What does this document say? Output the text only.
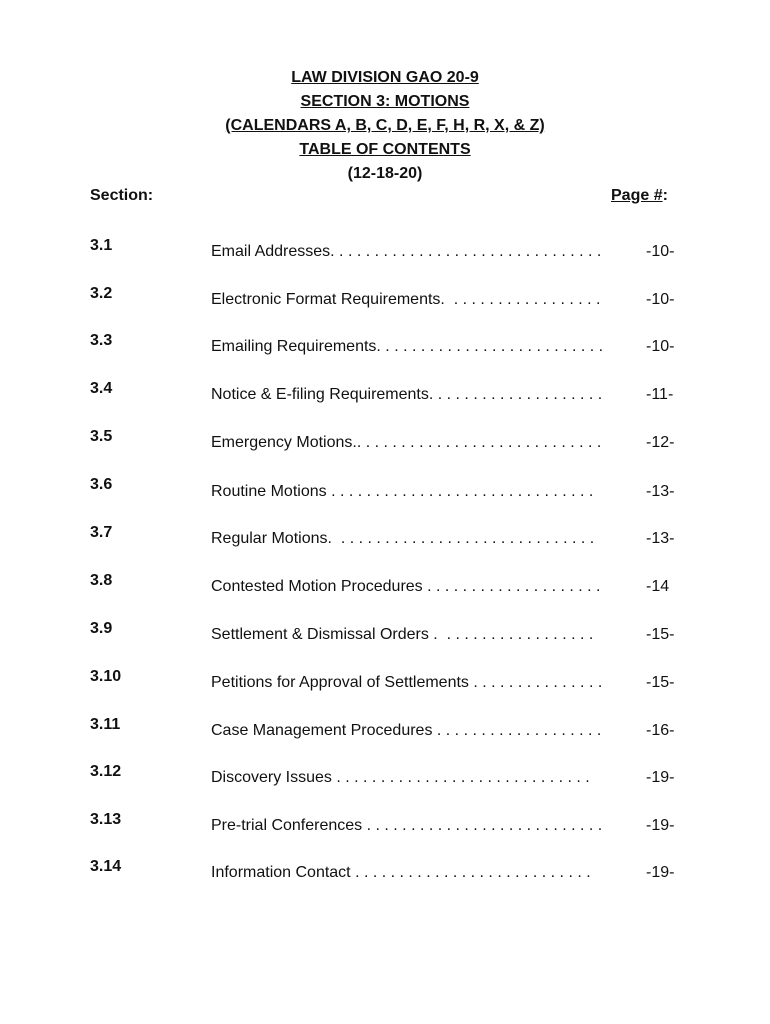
LAW DIVISION GAO 20-9
SECTION 3: MOTIONS
(CALENDARS A, B, C, D, E, F, H, R, X, & Z)
TABLE OF CONTENTS
(12-18-20)
Section:	Page #:
3.1	Email Addresses. . . . . . . . . . . . . . . . . . . . . . . . . . . . . . .	-10-
3.2	Electronic Format Requirements.  . . . . . . . . . . . . . . . . .	-10-
3.3	Emailing Requirements. . . . . . . . . . . . . . . . . . . . . . . . . .	-10-
3.4	Notice & E-filing Requirements. . . . . . . . . . . . . . . . . . . .	-11-
3.5	Emergency Motions.. . . . . . . . . . . . . . . . . . . . . . . . . . . .	-12-
3.6	Routine Motions . . . . . . . . . . . . . . . . . . . . . . . . . . . . . .	-13-
3.7	Regular Motions.  . . . . . . . . . . . . . . . . . . . . . . . . . . . . .	-13-
3.8	Contested Motion Procedures . . . . . . . . . . . . . . . . . . . .	-14
3.9	Settlement & Dismissal Orders .  . . . . . . . . . . . . . . . . .	-15-
3.10	Petitions for Approval of Settlements . . . . . . . . . . . . . . .	-15-
3.11	Case Management Procedures . . . . . . . . . . . . . . . . . . .	-16-
3.12	Discovery Issues . . . . . . . . . . . . . . . . . . . . . . . . . . . . .	-19-
3.13	Pre-trial Conferences . . . . . . . . . . . . . . . . . . . . . . . . . . .	-19-
3.14	Information Contact . . . . . . . . . . . . . . . . . . . . . . . . . . .	-19-
